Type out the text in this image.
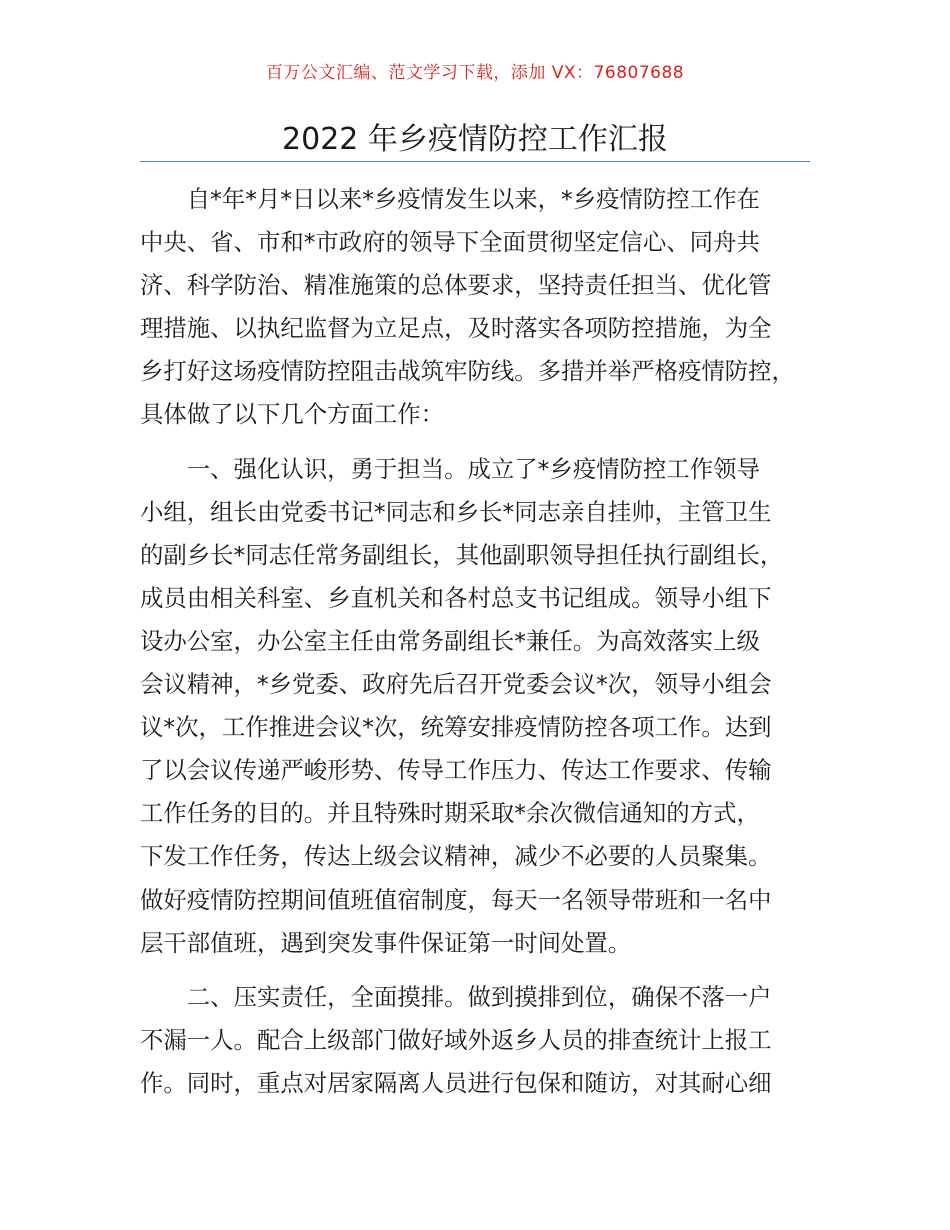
百万公文汇编、范文学习下载，添加 VX：76807688
2022 年乡疫情防控工作汇报
自*年*月*日以来*乡疫情发生以来，*乡疫情防控工作在
中央、省、市和*市政府的领导下全面贯彻坚定信心、同舟共
济、科学防治、精准施策的总体要求，坚持责任担当、优化管
理措施、以执纪监督为立足点，及时落实各项防控措施，为全
乡打好这场疫情防控阻击战筑牢防线。多措并举严格疫情防控，
具体做了以下几个方面工作：
一、强化认识，勇于担当。成立了*乡疫情防控工作领导
小组，组长由党委书记*同志和乡长*同志亲自挂帅，主管卫生
的副乡长*同志任常务副组长，其他副职领导担任执行副组长，
成员由相关科室、乡直机关和各村总支书记组成。领导小组下
设办公室，办公室主任由常务副组长*兼任。为高效落实上级
会议精神，*乡党委、政府先后召开党委会议*次，领导小组会
议*次，工作推进会议*次，统筹安排疫情防控各项工作。达到
了以会议传递严峻形势、传导工作压力、传达工作要求、传输
工作任务的目的。并且特殊时期采取*余次微信通知的方式，
下发工作任务，传达上级会议精神，减少不必要的人员聚集。
做好疫情防控期间值班值宿制度，每天一名领导带班和一名中
层干部值班，遇到突发事件保证第一时间处置。
二、压实责任，全面摸排。做到摸排到位，确保不落一户
不漏一人。配合上级部门做好域外返乡人员的排查统计上报工
作。同时，重点对居家隔离人员进行包保和随访，对其耐心细
